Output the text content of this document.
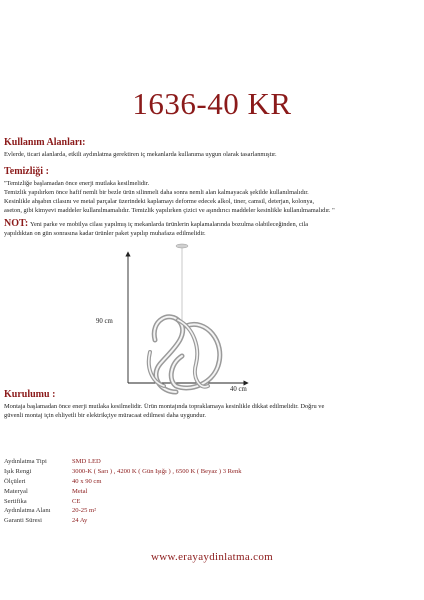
1636-40 KR
Kullanım Alanları:
Evlerde, ticari alanlarda, etkili aydınlatma gerektiren iç mekanlarda kullanıma uygun olarak tasarlanmıştır.
Temizliği :
"Temizliğe başlamadan önce enerji mutlaka kesilmelidir.
Temizlik yapılırken önce hafif nemli bir bezle ürün silinmeli daha sonra nemli alan kalmayacak şekilde kullanılmalıdır.
Kesinlikle ahşabın cilasını ve metal parçalar üzerindeki kaplamayı deforme edecek alkol, tiner, camsil, deterjan, kolonya,
aseton, gibi kimyevi maddeler kullanılmamalıdır. Temizlik yapılırken çizici ve aşındırıcı maddeler kesinlikle kullanılmamalıdır. "
NOT: Yeni parke ve mobilya cilası yapılmış iç mekanlarda ürünlerin kaplamalarında bozulma olabileceğinden, cila
yapıldıktan on gün sonrasına kadar ürünler paket yapılıp muhafaza edilmelidir.
90 cm
40 cm
Kurulumu :
Montaja başlamadan önce enerji mutlaka kesilmelidir. Ürün montajında topraklamaya kesinlikle dikkat edilmelidir. Doğru ve
güvenli montaj için ehliyetli bir elektrikçiye müracaat edilmesi daha uygundur.
Aydınlatma Tipi	SMD LED
Işık Rengi	3000-K ( Sarı ) , 4200 K ( Gün Işığı ) , 6500 K ( Beyaz ) 3 Renk
Ölçüleri	40 x 90 cm
Materyal	Metal
Sertifika	CE
Aydınlatma Alanı	20-25 m²
Garanti Süresi	24 Ay
www.erayaydinlatma.com
